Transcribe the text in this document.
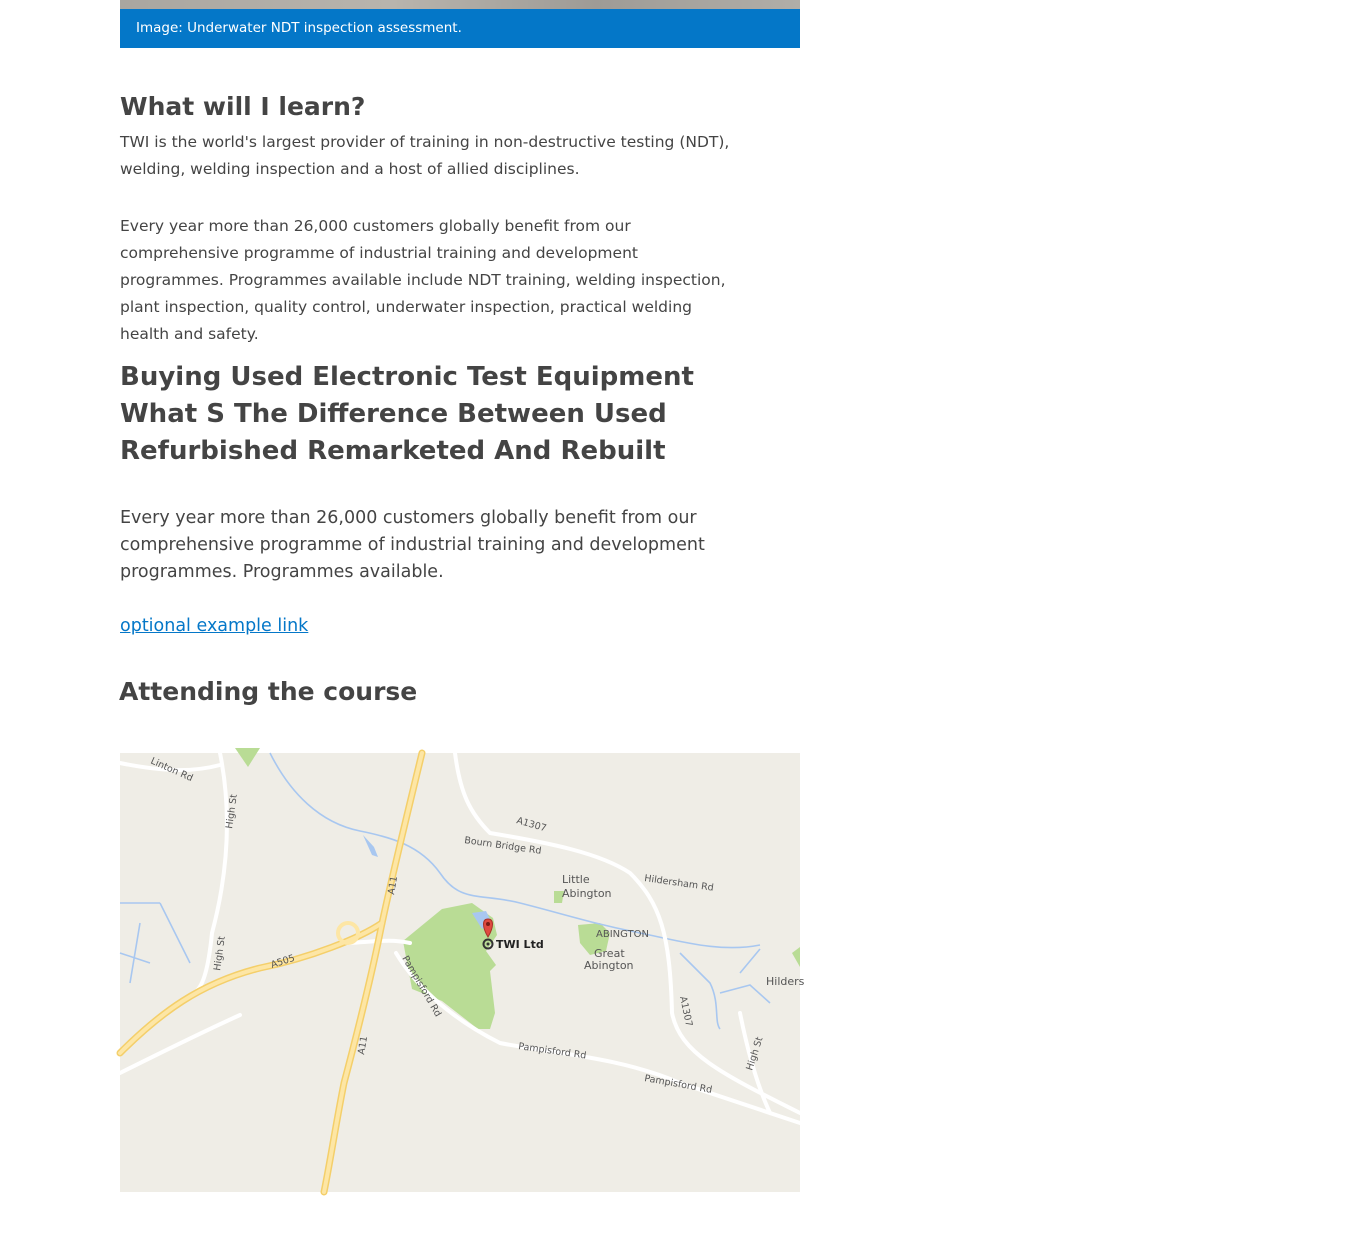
Image: Underwater NDT inspection assessment.
What will I learn?

TWI is the world's largest provider of training in non-destructive testing (NDT), welding, welding inspection and a host of allied disciplines.

Every year more than 26,000 customers globally benefit from our comprehensive programme of industrial training and development programmes. Programmes available include NDT training, welding inspection, plant inspection, quality control, underwater inspection, practical welding health and safety.

Buying Used Electronic Test Equipment What S The Difference Between Used Refurbished Remarketed And Rebuilt

Every year more than 26,000 customers globally benefit from our comprehensive programme of industrial training and development programmes. Programmes available.

optional example link
Attending the course
Linton Rd
High St
High St
High St
A11
A11
A505
A1307
A1307
Bourn Bridge Rd
Hildersham Rd
Pampisford Rd
Pampisford Rd
Pampisford Rd
Little
Abington
ABINGTON
Great
Abington
Hilders
TWI Ltd
